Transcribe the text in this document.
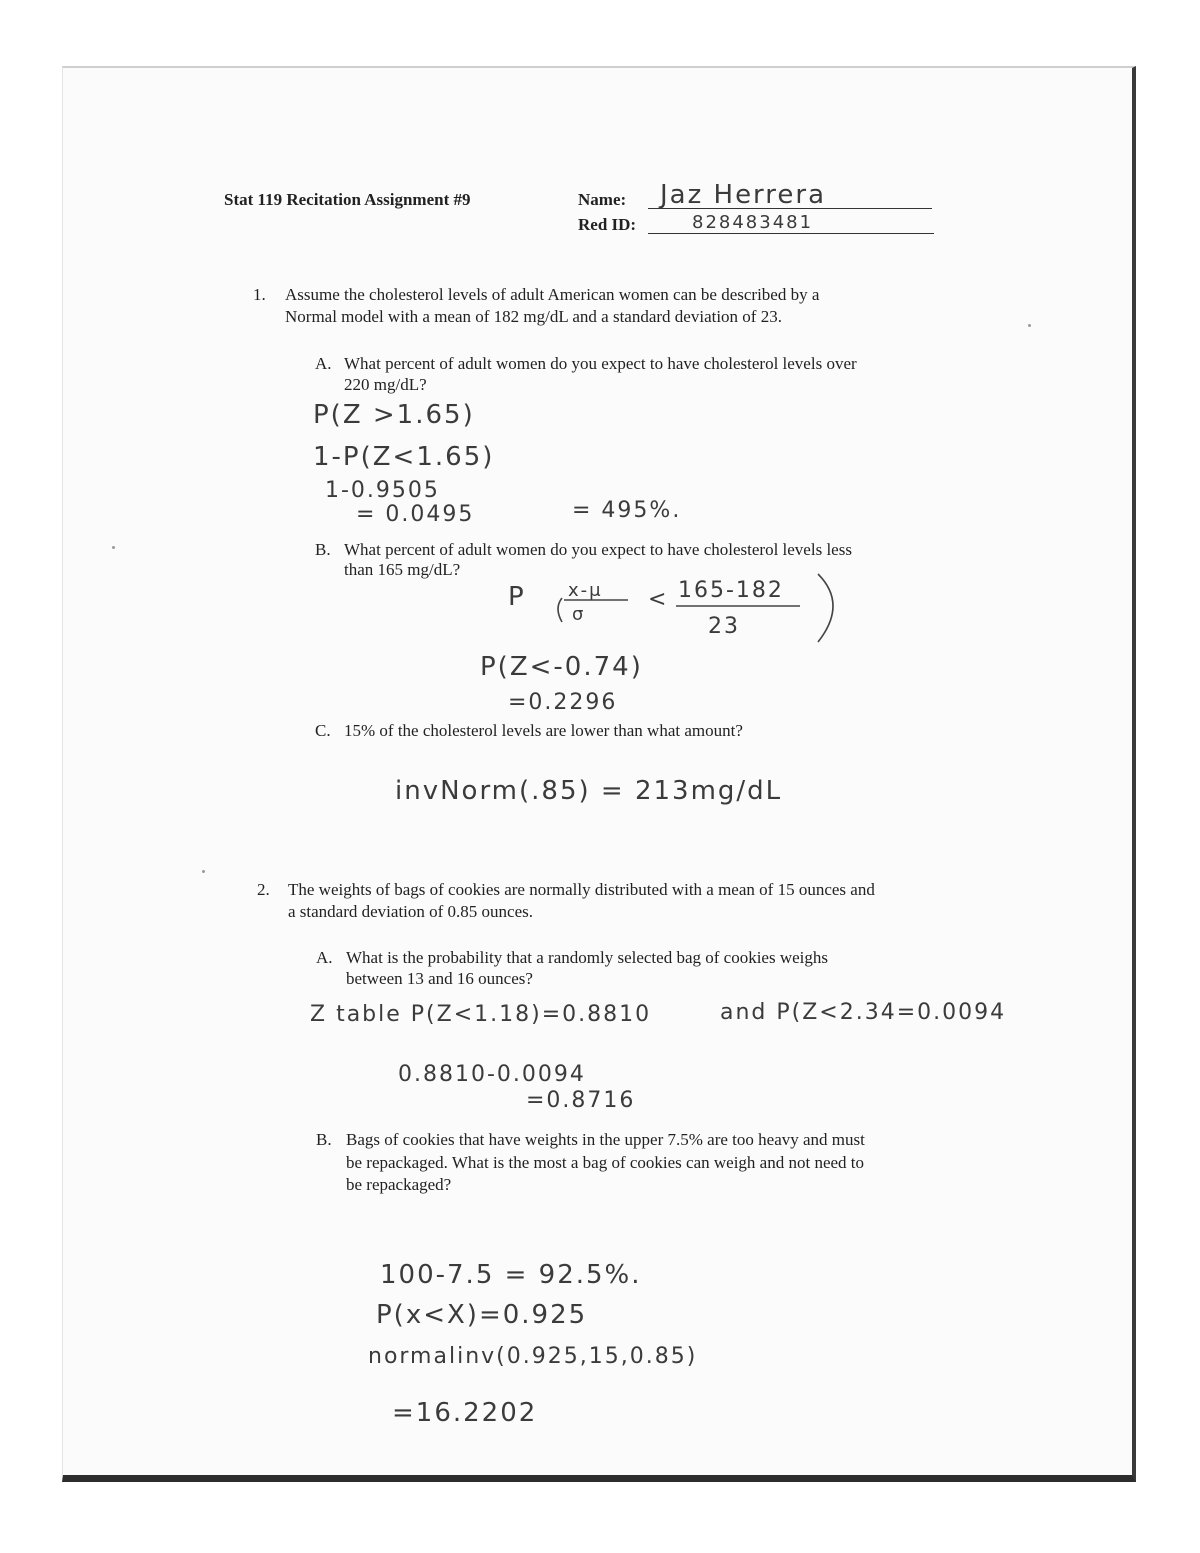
Stat 119 Recitation Assignment #9	Name: Jaz Herrera
Red ID:	828483481
1. Assume the cholesterol levels of adult American women can be described by a
Normal model with a mean of 182 mg/dL and a standard deviation of 23.
A. What percent of adult women do you expect to have cholesterol levels over
220 mg/dL?
P(Z >1.65)
1-P(Z<1.65)
1-0.9505
= 0.0495	= 495%.
B. What percent of adult women do you expect to have cholesterol levels less
than 165 mg/dL?
P x-μ
σ
< 165-182
23
P(Z<-0.74)
=0.2296
C. 15% of the cholesterol levels are lower than what amount?
invNorm(.85) = 213mg/dL
2. The weights of bags of cookies are normally distributed with a mean of 15 ounces and
a standard deviation of 0.85 ounces.
A. What is the probability that a randomly selected bag of cookies weighs
between 13 and 16 ounces?
Z table P(Z<1.18)=0.8810	and P(Z<2.34=0.0094
0.8810-0.0094
=0.8716
B. Bags of cookies that have weights in the upper 7.5% are too heavy and must
be repackaged. What is the most a bag of cookies can weigh and not need to
be repackaged?
100-7.5 = 92.5%.
P(x<X)=0.925
normalinv(0.925,15,0.85)
=16.2202
